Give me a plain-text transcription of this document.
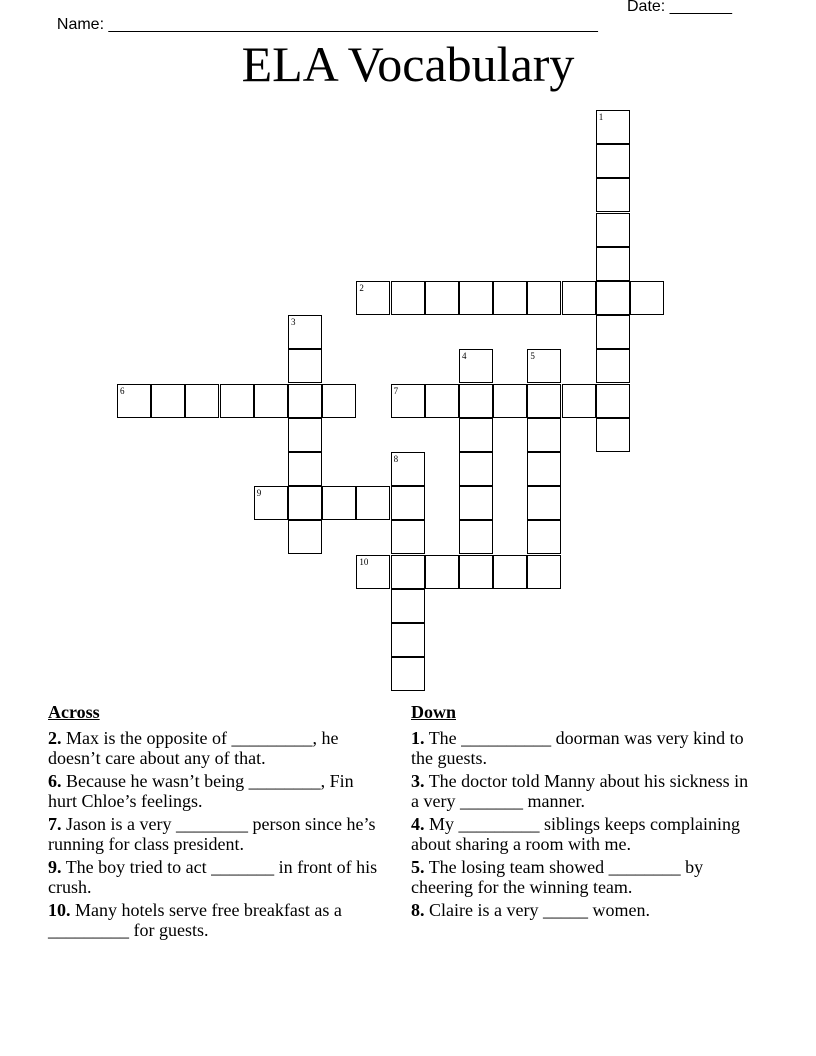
Name: _______________________________________________________

Date: _______

ELA Vocabulary
1
2
3
4	5
6	7
8
9
10
Across
2. Max is the opposite of _________, he doesn’t care about any of that.
6. Because he wasn’t being ________, Fin hurt Chloe’s feelings.
7. Jason is a very ________ person since he’s running for class president.
9. The boy tried to act _______ in front of his crush.
10. Many hotels serve free breakfast as a _________ for guests.
Down
1. The __________ doorman was very kind to the guests.
3. The doctor told Manny about his sickness in a very _______ manner.
4. My _________ siblings keeps complaining about sharing a room with me.
5. The losing team showed ________ by cheering for the winning team.
8. Claire is a very _____ women.
